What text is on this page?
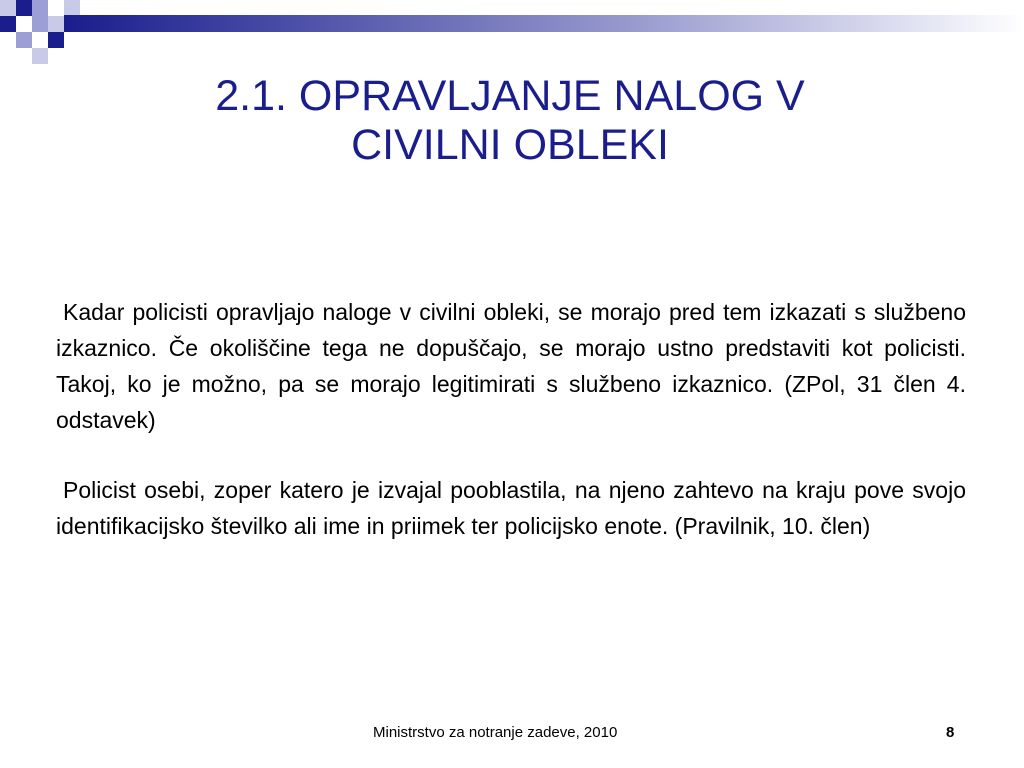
2.1. OPRAVLJANJE NALOG V
CIVILNI OBLEKI

Kadar policisti opravljajo naloge v civilni obleki, se morajo pred tem izkazati s službeno izkaznico. Če okoliščine tega ne dopuščajo, se morajo ustno predstaviti kot policisti. Takoj, ko je možno, pa se morajo legitimirati s službeno izkaznico. (ZPol, 31 člen 4. odstavek)

Policist osebi, zoper katero je izvajal pooblastila, na njeno zahtevo na kraju pove svojo identifikacijsko številko ali ime in priimek ter policijsko enote. (Pravilnik, 10. člen)

Ministrstvo za notranje zadeve, 2010	8
